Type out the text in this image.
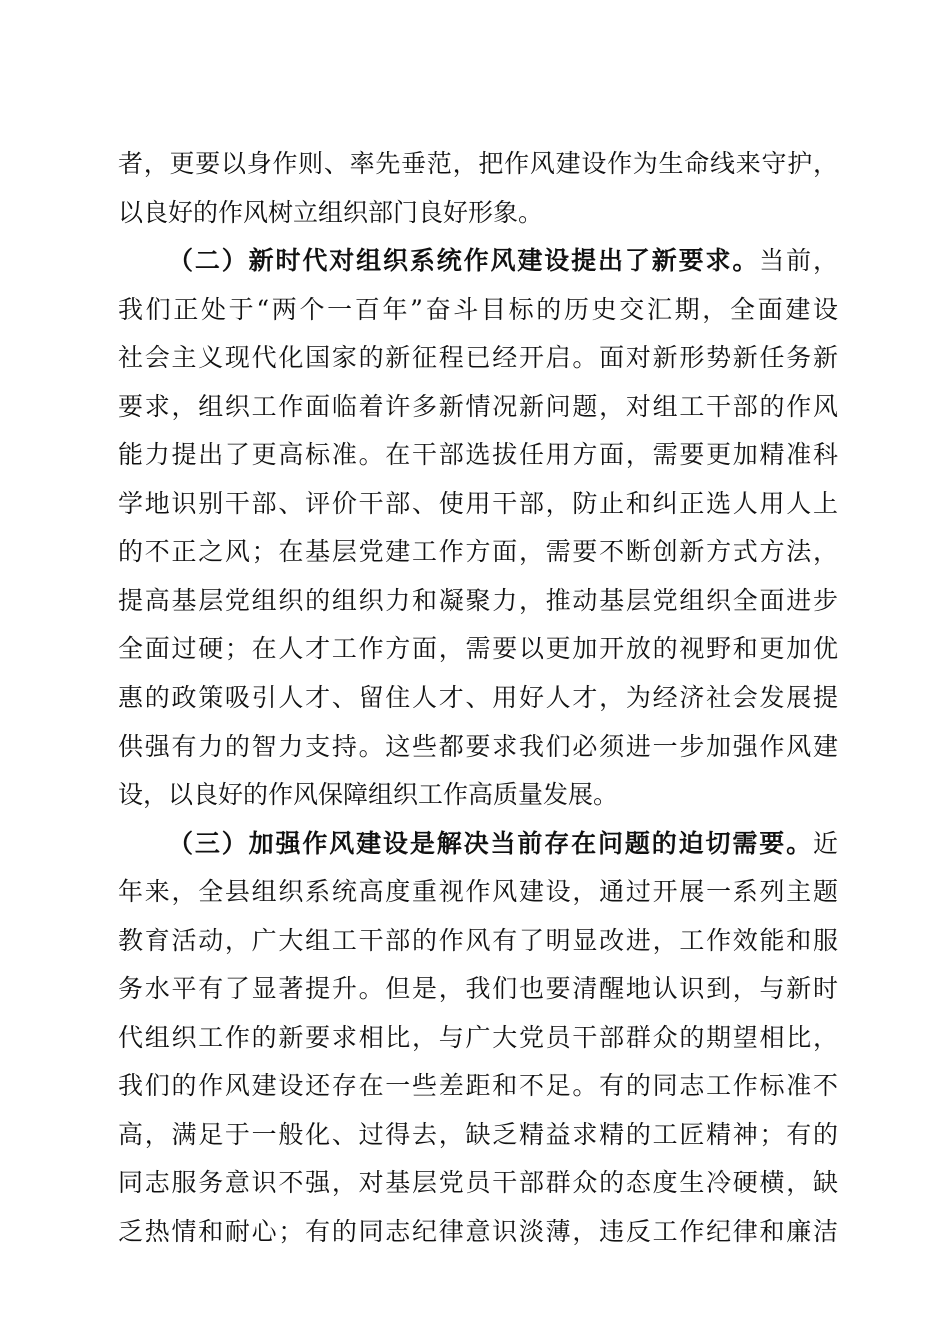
者，更要以身作则、率先垂范，把作风建设作为生命线来守护，
以良好的作风树立组织部门良好形象。
（二）新时代对组织系统作风建设提出了新要求。当前，
我们正处于“两个一百年”奋斗目标的历史交汇期，全面建设
社会主义现代化国家的新征程已经开启。面对新形势新任务新
要求，组织工作面临着许多新情况新问题，对组工干部的作风
能力提出了更高标准。在干部选拔任用方面，需要更加精准科
学地识别干部、评价干部、使用干部，防止和纠正选人用人上
的不正之风；在基层党建工作方面，需要不断创新方式方法，
提高基层党组织的组织力和凝聚力，推动基层党组织全面进步
全面过硬；在人才工作方面，需要以更加开放的视野和更加优
惠的政策吸引人才、留住人才、用好人才，为经济社会发展提
供强有力的智力支持。这些都要求我们必须进一步加强作风建
设，以良好的作风保障组织工作高质量发展。
（三）加强作风建设是解决当前存在问题的迫切需要。近
年来，全县组织系统高度重视作风建设，通过开展一系列主题
教育活动，广大组工干部的作风有了明显改进，工作效能和服
务水平有了显著提升。但是，我们也要清醒地认识到，与新时
代组织工作的新要求相比，与广大党员干部群众的期望相比，
我们的作风建设还存在一些差距和不足。有的同志工作标准不
高，满足于一般化、过得去，缺乏精益求精的工匠精神；有的
同志服务意识不强，对基层党员干部群众的态度生冷硬横，缺
乏热情和耐心；有的同志纪律意识淡薄，违反工作纪律和廉洁
